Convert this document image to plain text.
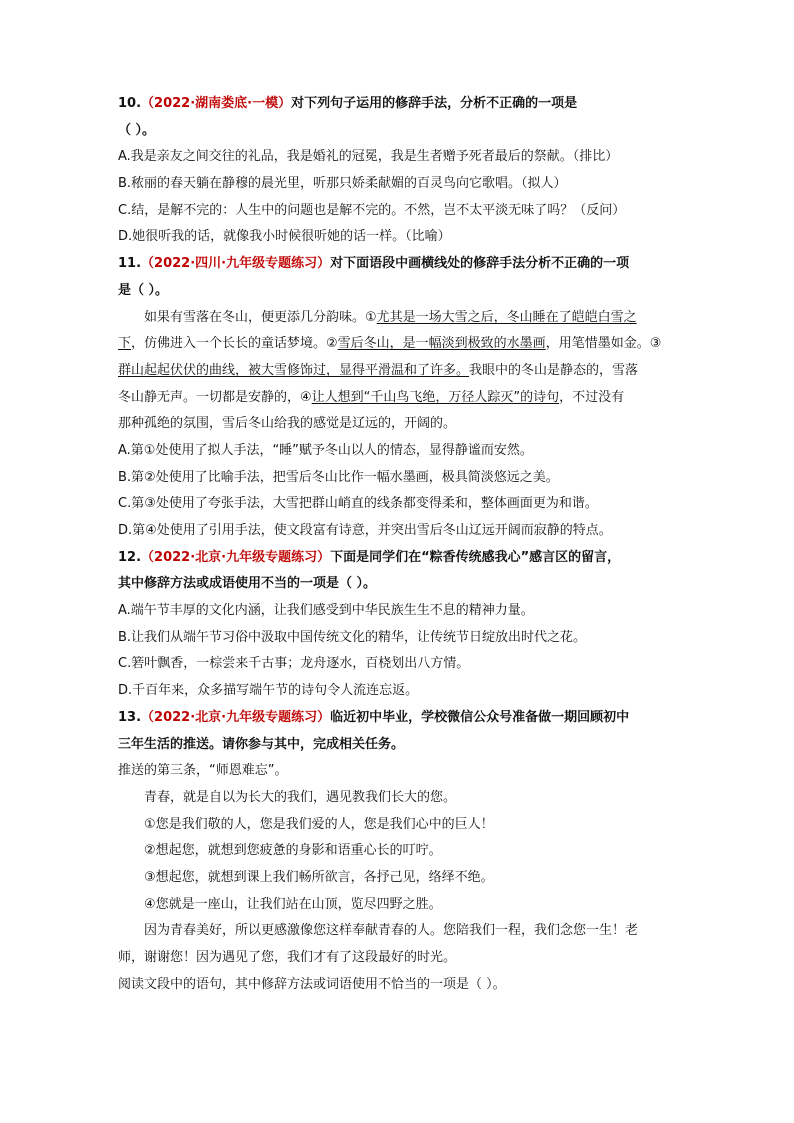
10.（2022·湖南娄底·一模）对下列句子运用的修辞手法，分析不正确的一项是
（ ）。
A.我是亲友之间交往的礼品，我是婚礼的冠冕，我是生者赠予死者最后的祭献。（排比）
B.秾丽的春天躺在静穆的晨光里，听那只娇柔献媚的百灵鸟向它歌唱。（拟人）
C.结，是解不完的：人生中的问题也是解不完的。不然，岂不太平淡无味了吗？（反问）
D.她很听我的话，就像我小时候很听她的话一样。（比喻）
11.（2022·四川·九年级专题练习）对下面语段中画横线处的修辞手法分析不正确的一项
是（ ）。
如果有雪落在冬山，便更添几分韵味。①尤其是一场大雪之后，冬山睡在了皑皑白雪之
下，仿佛进入一个长长的童话梦境。②雪后冬山，是一幅淡到极致的水墨画，用笔惜墨如金。③
群山起起伏伏的曲线，被大雪修饰过，显得平滑温和了许多。我眼中的冬山是静态的，雪落
冬山静无声。一切都是安静的，④让人想到“千山鸟飞绝，万径人踪灭”的诗句，不过没有
那种孤绝的氛围，雪后冬山给我的感觉是辽远的，开阔的。
A.第①处使用了拟人手法，“睡”赋予冬山以人的情态，显得静谧而安然。
B.第②处使用了比喻手法，把雪后冬山比作一幅水墨画，极具简淡悠远之美。
C.第③处使用了夸张手法，大雪把群山峭直的线条都变得柔和，整体画面更为和谐。
D.第④处使用了引用手法，使文段富有诗意，并突出雪后冬山辽远开阔而寂静的特点。
12.（2022·北京·九年级专题练习）下面是同学们在“粽香传统感我心”感言区的留言，
其中修辞方法或成语使用不当的一项是（ ）。
A.端午节丰厚的文化内涵，让我们感受到中华民族生生不息的精神力量。
B.让我们从端午节习俗中汲取中国传统文化的精华，让传统节日绽放出时代之花。
C.箬叶飘香，一棕尝来千古事；龙舟逐水，百桡划出八方情。
D.千百年来，众多描写端午节的诗句令人流连忘返。
13.（2022·北京·九年级专题练习）临近初中毕业，学校微信公众号准备做一期回顾初中
三年生活的推送。请你参与其中，完成相关任务。
推送的第三条，“师恩难忘”。
青春，就是自以为长大的我们，遇见教我们长大的您。
①您是我们敬的人，您是我们爱的人，您是我们心中的巨人！
②想起您，就想到您疲惫的身影和语重心长的叮咛。
③想起您，就想到课上我们畅所欲言，各抒己见，络绎不绝。
④您就是一座山，让我们站在山顶，览尽四野之胜。
因为青春美好，所以更感激像您这样奉献青春的人。您陪我们一程，我们念您一生！老
师，谢谢您！因为遇见了您，我们才有了这段最好的时光。
阅读文段中的语句，其中修辞方法或词语使用不恰当的一项是（ ）。
